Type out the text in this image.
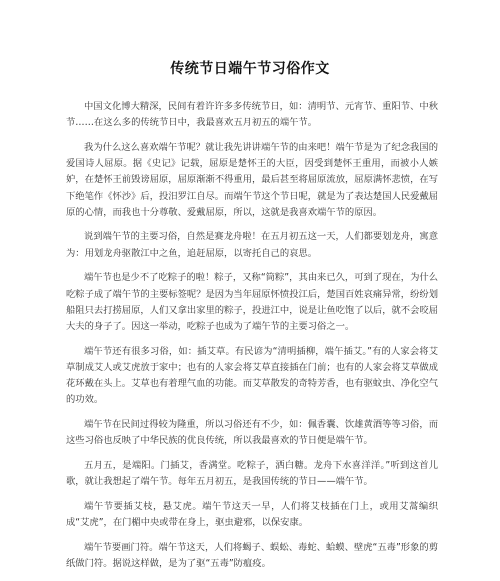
传统节日端午节习俗作文

中国文化博大精深，民间有着许许多多传统节日，如：清明节、元宵节、重阳节、中秋节……在这么多的传统节日中，我最喜欢五月初五的端午节。

我为什么这么喜欢端午节呢？就让我先讲讲端午节的由来吧！端午节是为了纪念我国的爱国诗人屈原。据《史记》记载，屈原是楚怀王的大臣，因受到楚怀王重用，而被小人嫉妒，在楚怀王前毁谤屈原，屈原渐渐不得重用，最后甚至将屈原流放，屈原满怀悲愤，在写下绝笔作《怀沙》后，投汨罗江自尽。而端午节这个节日呢，就是为了表达楚国人民爱戴屈原的心情，而我也十分尊敬、爱戴屈原，所以，这就是我喜欢端午节的原因。

说到端午节的主要习俗，自然是赛龙舟啦！在五月初五这一天，人们都要划龙舟，寓意为：用划龙舟驱散江中之鱼，追赶屈原，以寄托自己的哀思。

端午节也是少不了吃粽子的啦！粽子，又称“筒粽”，其由来已久，可到了现在，为什么吃粽子成了端午节的主要标签呢？是因为当年屈原怀愤投江后，楚国百姓哀痛异常，纷纷划船阻只去打捞屈原，人们又拿出家里的粽子，投进江中，说是让鱼吃饱了以后，就不会咬屈大夫的身子了。因这一举动，吃粽子也成为了端午节的主要习俗之一。

端午节还有很多习俗，如：插艾草。有民谚为“清明插柳，端午插艾。”有的人家会将艾草制成艾人或艾虎放于家中；也有的人家会将艾草直接插在门前；也有的人家会将艾草做成花环戴在头上。艾草也有着理气血的功能。而艾草散发的奇特芳香，也有驱蚊虫、净化空气的功效。

端午节在民间过得较为隆重，所以习俗还有不少，如：佩香囊、饮雄黄酒等等习俗，而这些习俗也反映了中华民族的优良传统，所以我最喜欢的节日便是端午节。

五月五，是端阳。门插艾，香满堂。吃粽子，洒白糖。龙舟下水喜洋洋。”听到这首儿歌，就让我想起了端午节。每年五月初五，是我国传统的节日——端午节。

端午节要插艾枝，悬艾虎。端午节这天一早，人们将艾枝插在门上，或用艾蒿编织成“艾虎”，在门楣中央或带在身上，驱虫避邪，以保安康。

端午节要画门符。端午节这天，人们将蝎子、蜈蚣、毒蛇、蛤蟆、壁虎“五毒”形象的剪纸做门符。据说这样做，是为了驱“五毒”防瘟疫。
